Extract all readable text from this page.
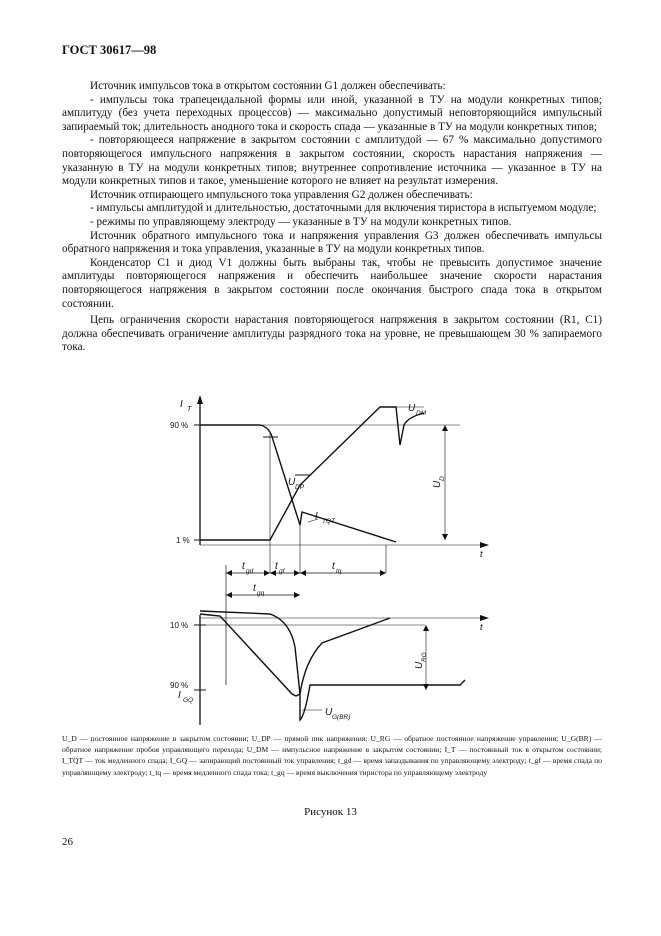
ГОСТ 30617—98

Источник импульсов тока в открытом состоянии G1 должен обеспечивать:

- импульсы тока трапецеидальной формы или иной, указанной в ТУ на модули конкретных типов; амплитуду (без учета переходных процессов) — максимально допустимый неповторяющийся импульсный запираемый ток; длительность анодного тока и скорость спада — указанные в ТУ на модули конкретных типов;

- повторяющееся напряжение в закрытом состоянии с амплитудой — 67 % максимально допустимого повторяющегося импульсного напряжения в закрытом состоянии, скорость нарастания напряжения — указанную в ТУ на модули конкретных типов; внутреннее сопротивление источника — указанное в ТУ на модули конкретных типов и такое, уменьшение которого не влияет на результат измерения.

Источник отпирающего импульсного тока управления G2 должен обеспечивать:

- импульсы амплитудой и длительностью, достаточными для включения тиристора в испытуемом модуле;

- режимы по управляющему электроду — указанные в ТУ на модули конкретных типов.

Источник обратного импульсного тока и напряжения управления G3 должен обеспечивать импульсы обратного напряжения и тока управления, указанные в ТУ на модули конкретных типов.

Конденсатор C1 и диод V1 должны быть выбраны так, чтобы не превысить допустимое значение амплитуды повторяющегося напряжения и обеспечить наибольшее значение скорости нарастания повторяющегося напряжения в закрытом состоянии после окончания быстрого спада тока в открытом состоянии.

Цепь ограничения скорости нарастания повторяющегося напряжения в закрытом состоянии (R1, C1) должна обеспечивать ограничение амплитуды разрядного тока на уровне, не превышающем 30 % запираемого тока.

I T
90 %
1 %
t
U DM
U DP
I TQT
U
D
t gd t gf	t tq
t gq
10 %
90 %
I GQ
U G(BR)
t
U
RG
U_D — постоянное напряжение в закрытом состоянии; U_DP — прямой пик напряжения; U_RG — обратное постоянное напряжение управления; U_G(BR) — обратное напряжение пробоя управляющего перехода; U_DM — импульсное напряжение в закрытом состоянии; I_T — постоянный ток в открытом состоянии; I_TQT — ток медленного спада; I_GQ — запирающий постоянный ток управления; t_gd — время запаздывания по управляющему электроду; t_gf — время спада по управляющему электроду; t_tq — время медленного спада тока; t_gq — время выключения тиристора по управляющему электроду
Рисунок 13
26
